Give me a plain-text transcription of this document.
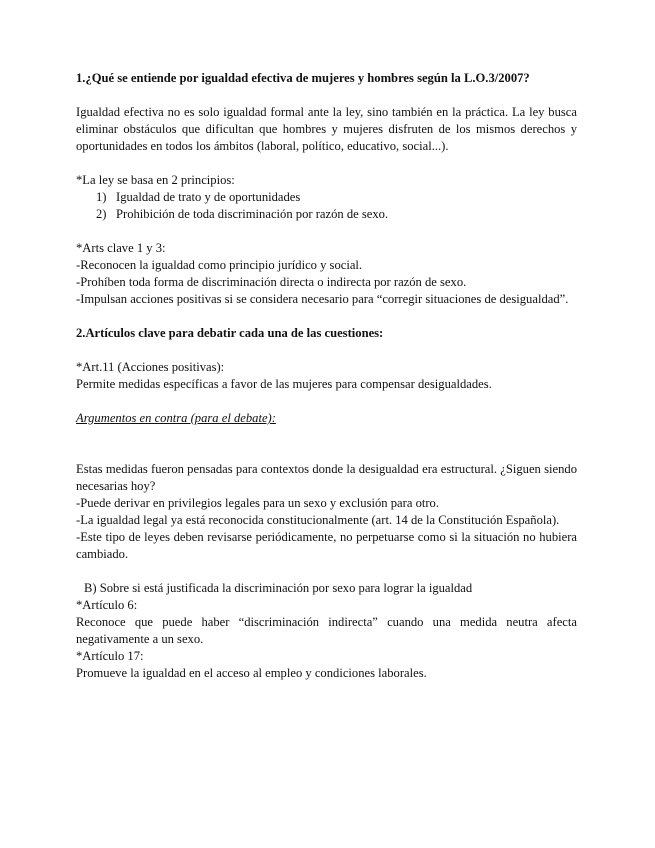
1.¿Qué se entiende por igualdad efectiva de mujeres y hombres según la L.O.3/2007?

Igualdad efectiva no es solo igualdad formal ante la ley, sino también en la práctica. La ley busca eliminar obstáculos que dificultan que hombres y mujeres disfruten de los mismos derechos y oportunidades en todos los ámbitos (laboral, político, educativo, social...).

*La ley se basa en 2 principios:

1) Igualdad de trato y de oportunidades
2) Prohibición de toda discriminación por razón de sexo.

*Arts clave 1 y 3:

-Reconocen la igualdad como principio jurídico y social.

-Prohíben toda forma de discriminación directa o indirecta por razón de sexo.

-Impulsan acciones positivas si se considera necesario para “corregir situaciones de desigualdad”.

2.Artículos clave para debatir cada una de las cuestiones:

*Art.11 (Acciones positivas):

Permite medidas específicas a favor de las mujeres para compensar desigualdades.

Argumentos en contra (para el debate):

Estas medidas fueron pensadas para contextos donde la desigualdad era estructural. ¿Siguen siendo necesarias hoy?

-Puede derivar en privilegios legales para un sexo y exclusión para otro.

-La igualdad legal ya está reconocida constitucionalmente (art. 14 de la Constitución Española).

-Este tipo de leyes deben revisarse periódicamente, no perpetuarse como si la situación no hubiera cambiado.

B) Sobre si está justificada la discriminación por sexo para lograr la igualdad

*Artículo 6:

Reconoce que puede haber “discriminación indirecta” cuando una medida neutra afecta negativamente a un sexo.

*Artículo 17:

Promueve la igualdad en el acceso al empleo y condiciones laborales.
